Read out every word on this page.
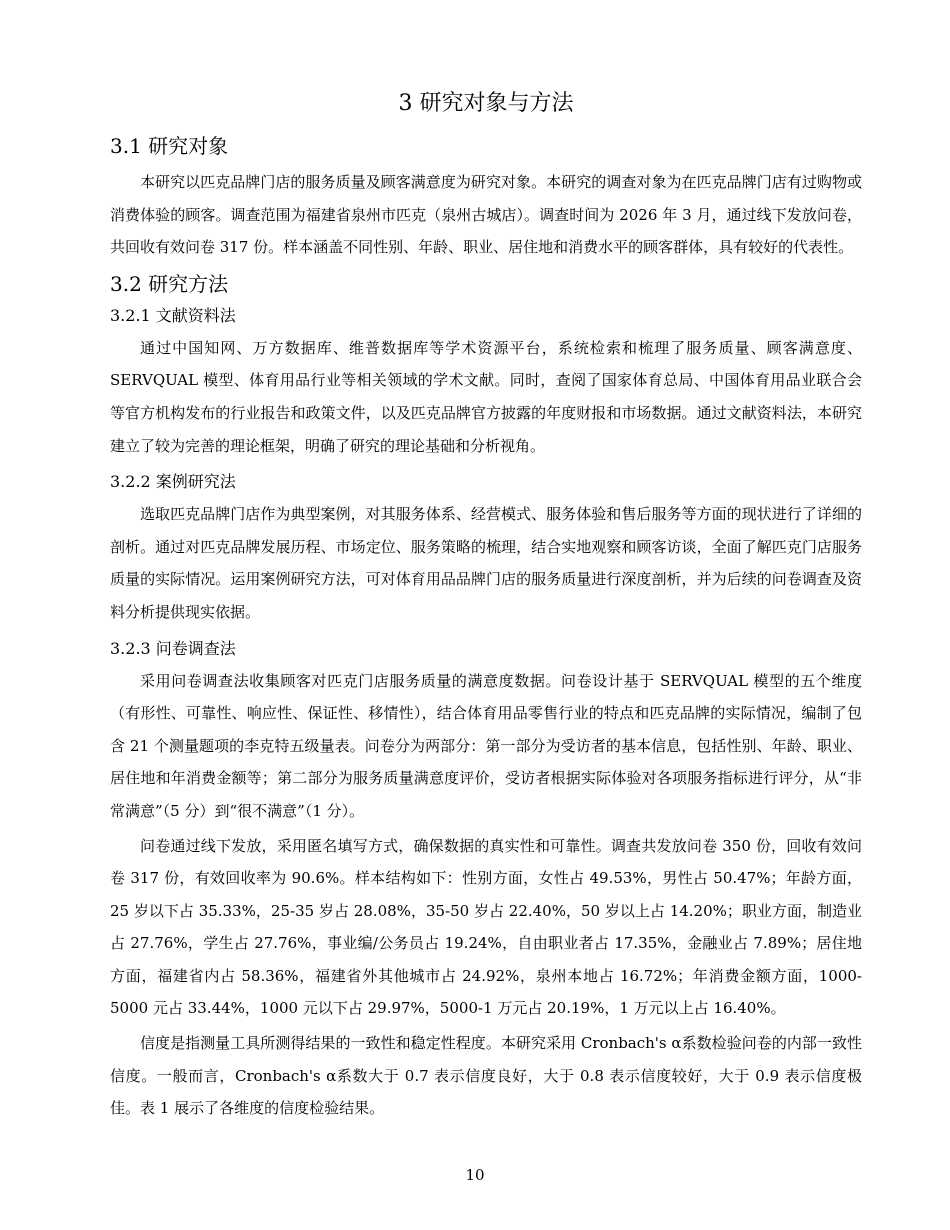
3 研究对象与方法
3.1 研究对象

本研究以匹克品牌门店的服务质量及顾客满意度为研究对象。本研究的调查对象为在匹克品牌门店有过购物或消费体验的顾客。调查范围为福建省泉州市匹克（泉州古城店）。调查时间为 2026 年 3 月，通过线下发放问卷，共回收有效问卷 317 份。样本涵盖不同性别、年龄、职业、居住地和消费水平的顾客群体，具有较好的代表性。

3.2 研究方法
3.2.1 文献资料法

通过中国知网、万方数据库、维普数据库等学术资源平台，系统检索和梳理了服务质量、顾客满意度、SERVQUAL 模型、体育用品行业等相关领域的学术文献。同时，查阅了国家体育总局、中国体育用品业联合会等官方机构发布的行业报告和政策文件，以及匹克品牌官方披露的年度财报和市场数据。通过文献资料法，本研究建立了较为完善的理论框架，明确了研究的理论基础和分析视角。

3.2.2 案例研究法

选取匹克品牌门店作为典型案例，对其服务体系、经营模式、服务体验和售后服务等方面的现状进行了详细的剖析。通过对匹克品牌发展历程、市场定位、服务策略的梳理，结合实地观察和顾客访谈，全面了解匹克门店服务质量的实际情况。运用案例研究方法，可对体育用品品牌门店的服务质量进行深度剖析，并为后续的问卷调查及资料分析提供现实依据。

3.2.3 问卷调查法

采用问卷调查法收集顾客对匹克门店服务质量的满意度数据。问卷设计基于 SERVQUAL 模型的五个维度（有形性、可靠性、响应性、保证性、移情性），结合体育用品零售行业的特点和匹克品牌的实际情况，编制了包含 21 个测量题项的李克特五级量表。问卷分为两部分：第一部分为受访者的基本信息，包括性别、年龄、职业、居住地和年消费金额等；第二部分为服务质量满意度评价，受访者根据实际体验对各项服务指标进行评分，从“非常满意”（5 分）到“很不满意”（1 分）。

问卷通过线下发放，采用匿名填写方式，确保数据的真实性和可靠性。调查共发放问卷 350 份，回收有效问卷 317 份，有效回收率为 90.6%。样本结构如下：性别方面，女性占 49.53%，男性占 50.47%；年龄方面，25 岁以下占 35.33%，25-35 岁占 28.08%，35-50 岁占 22.40%，50 岁以上占 14.20%；职业方面，制造业占 27.76%，学生占 27.76%，事业编/公务员占 19.24%，自由职业者占 17.35%，金融业占 7.89%；居住地方面，福建省内占 58.36%，福建省外其他城市占 24.92%，泉州本地占 16.72%；年消费金额方面，1000-5000 元占 33.44%，1000 元以下占 29.97%，5000-1 万元占 20.19%，1 万元以上占 16.40%。

信度是指测量工具所测得结果的一致性和稳定性程度。本研究采用 Cronbach's α系数检验问卷的内部一致性信度。一般而言，Cronbach's α系数大于 0.7 表示信度良好，大于 0.8 表示信度较好，大于 0.9 表示信度极佳。表 1 展示了各维度的信度检验结果。

10
